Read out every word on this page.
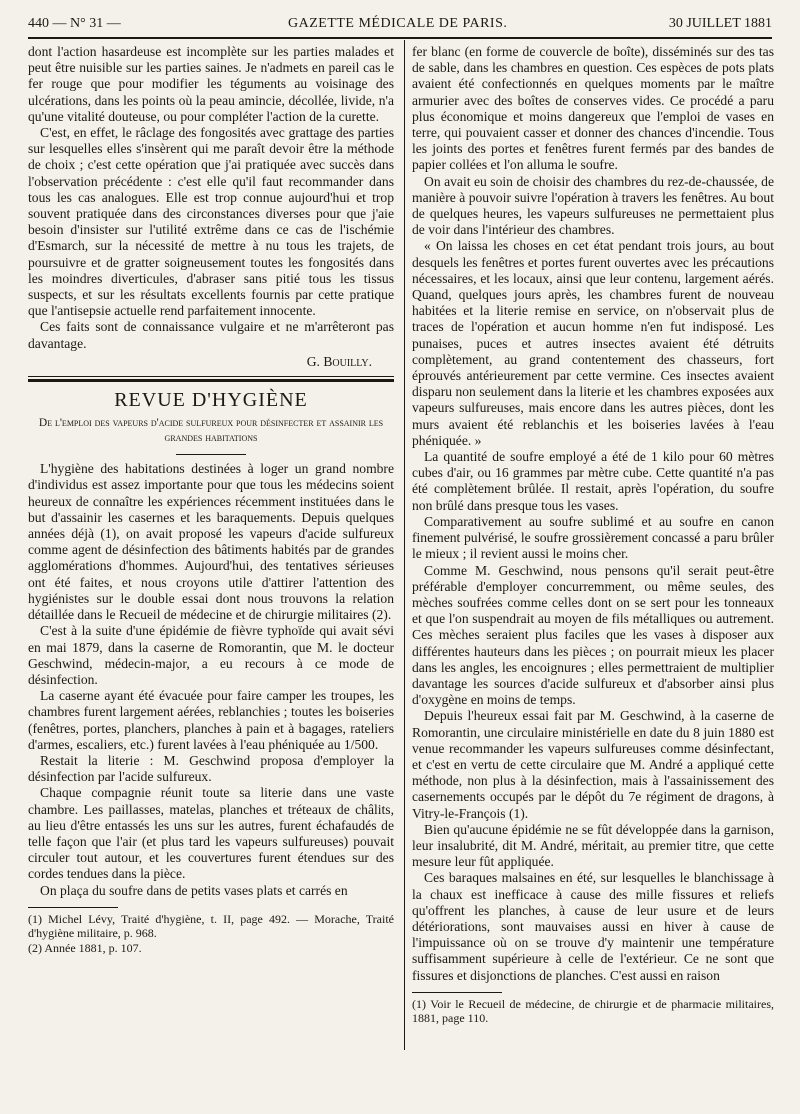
440 — N° 31 —	GAZETTE MÉDICALE DE PARIS.	30 JUILLET 1881

dont l'action hasardeuse est incomplète sur les parties malades et peut être nuisible sur les parties saines. Je n'admets en pareil cas le fer rouge que pour modifier les téguments au voisinage des ulcérations, dans les points où la peau amincie, décollée, livide, n'a qu'une vitalité douteuse, ou pour compléter l'action de la curette.

C'est, en effet, le râclage des fongosités avec grattage des parties sur lesquelles elles s'insèrent qui me paraît devoir être la méthode de choix ; c'est cette opération que j'ai pratiquée avec succès dans l'observation précédente : c'est elle qu'il faut recommander dans tous les cas analogues. Elle est trop connue aujourd'hui et trop souvent pratiquée dans des circonstances diverses pour que j'aie besoin d'insister sur l'utilité extrême dans ce cas de l'ischémie d'Esmarch, sur la nécessité de mettre à nu tous les trajets, de poursuivre et de gratter soigneusement toutes les fongosités dans les moindres diverticules, d'abraser sans pitié tous les tissus suspects, et sur les résultats excellents fournis par cette pratique que l'antisepsie actuelle rend parfaitement innocente.

Ces faits sont de connaissance vulgaire et ne m'arrêteront pas davantage.

G. Bouilly.

REVUE D'HYGIÈNE

De l'emploi des vapeurs d'acide sulfureux pour désinfecter et assainir les grandes habitations

L'hygiène des habitations destinées à loger un grand nombre d'individus est assez importante pour que tous les médecins soient heureux de connaître les expériences récemment instituées dans le but d'assainir les casernes et les baraquements. Depuis quelques années déjà (1), on avait proposé les vapeurs d'acide sulfureux comme agent de désinfection des bâtiments habités par de grandes agglomérations d'hommes. Aujourd'hui, des tentatives sérieuses ont été faites, et nous croyons utile d'attirer l'attention des hygiénistes sur le double essai dont nous trouvons la relation détaillée dans le Recueil de médecine et de chirurgie militaires (2).

C'est à la suite d'une épidémie de fièvre typhoïde qui avait sévi en mai 1879, dans la caserne de Romorantin, que M. le docteur Geschwind, médecin-major, a eu recours à ce mode de désinfection.

La caserne ayant été évacuée pour faire camper les troupes, les chambres furent largement aérées, reblanchies ; toutes les boiseries (fenêtres, portes, planchers, planches à pain et à bagages, rateliers d'armes, escaliers, etc.) furent lavées à l'eau phéniquée au 1/500.

Restait la literie : M. Geschwind proposa d'employer la désinfection par l'acide sulfureux.

Chaque compagnie réunit toute sa literie dans une vaste chambre. Les paillasses, matelas, planches et tréteaux de châlits, au lieu d'être entassés les uns sur les autres, furent échafaudés de telle façon que l'air (et plus tard les vapeurs sulfureuses) pouvait circuler tout autour, et les couvertures furent étendues sur des cordes tendues dans la pièce.

On plaça du soufre dans de petits vases plats et carrés en

(1) Michel Lévy, Traité d'hygiène, t. II, page 492. — Morache, Traité d'hygiène militaire, p. 968.

(2) Année 1881, p. 107.

fer blanc (en forme de couvercle de boîte), disséminés sur des tas de sable, dans les chambres en question. Ces espèces de pots plats avaient été confectionnés en quelques moments par le maître armurier avec des boîtes de conserves vides. Ce procédé a paru plus économique et moins dangereux que l'emploi de vases en terre, qui pouvaient casser et donner des chances d'incendie. Tous les joints des portes et fenêtres furent fermés par des bandes de papier collées et l'on alluma le soufre.

On avait eu soin de choisir des chambres du rez-de-chaussée, de manière à pouvoir suivre l'opération à travers les fenêtres. Au bout de quelques heures, les vapeurs sulfureuses ne permettaient plus de voir dans l'intérieur des chambres.

« On laissa les choses en cet état pendant trois jours, au bout desquels les fenêtres et portes furent ouvertes avec les précautions nécessaires, et les locaux, ainsi que leur contenu, largement aérés. Quand, quelques jours après, les chambres furent de nouveau habitées et la literie remise en service, on n'observait plus de traces de l'opération et aucun homme n'en fut indisposé. Les punaises, puces et autres insectes avaient été détruits complètement, au grand contentement des chasseurs, fort éprouvés antérieurement par cette vermine. Ces insectes avaient disparu non seulement dans la literie et les chambres exposées aux vapeurs sulfureuses, mais encore dans les autres pièces, dont les murs avaient été reblanchis et les boiseries lavées à l'eau phéniquée. »

La quantité de soufre employé a été de 1 kilo pour 60 mètres cubes d'air, ou 16 grammes par mètre cube. Cette quantité n'a pas été complètement brûlée. Il restait, après l'opération, du soufre non brûlé dans presque tous les vases.

Comparativement au soufre sublimé et au soufre en canon finement pulvérisé, le soufre grossièrement concassé a paru brûler le mieux ; il revient aussi le moins cher.

Comme M. Geschwind, nous pensons qu'il serait peut-être préférable d'employer concurremment, ou même seules, des mèches soufrées comme celles dont on se sert pour les tonneaux et que l'on suspendrait au moyen de fils métalliques ou autrement. Ces mèches seraient plus faciles que les vases à disposer aux différentes hauteurs dans les pièces ; on pourrait mieux les placer dans les angles, les encoignures ; elles permettraient de multiplier davantage les sources d'acide sulfureux et d'absorber ainsi plus d'oxygène en moins de temps.

Depuis l'heureux essai fait par M. Geschwind, à la caserne de Romorantin, une circulaire ministérielle en date du 8 juin 1880 est venue recommander les vapeurs sulfureuses comme désinfectant, et c'est en vertu de cette circulaire que M. André a appliqué cette méthode, non plus à la désinfection, mais à l'assainissement des casernements occupés par le dépôt du 7e régiment de dragons, à Vitry-le-François (1).

Bien qu'aucune épidémie ne se fût développée dans la garnison, leur insalubrité, dit M. André, méritait, au premier titre, que cette mesure leur fût appliquée.

Ces baraques malsaines en été, sur lesquelles le blanchissage à la chaux est inefficace à cause des mille fissures et reliefs qu'offrent les planches, à cause de leur usure et de leurs détériorations, sont mauvaises aussi en hiver à cause de l'impuissance où on se trouve d'y maintenir une température suffisamment supérieure à celle de l'extérieur. Ce ne sont que fissures et disjonctions de planches. C'est aussi en raison

(1) Voir le Recueil de médecine, de chirurgie et de pharmacie militaires, 1881, page 110.
